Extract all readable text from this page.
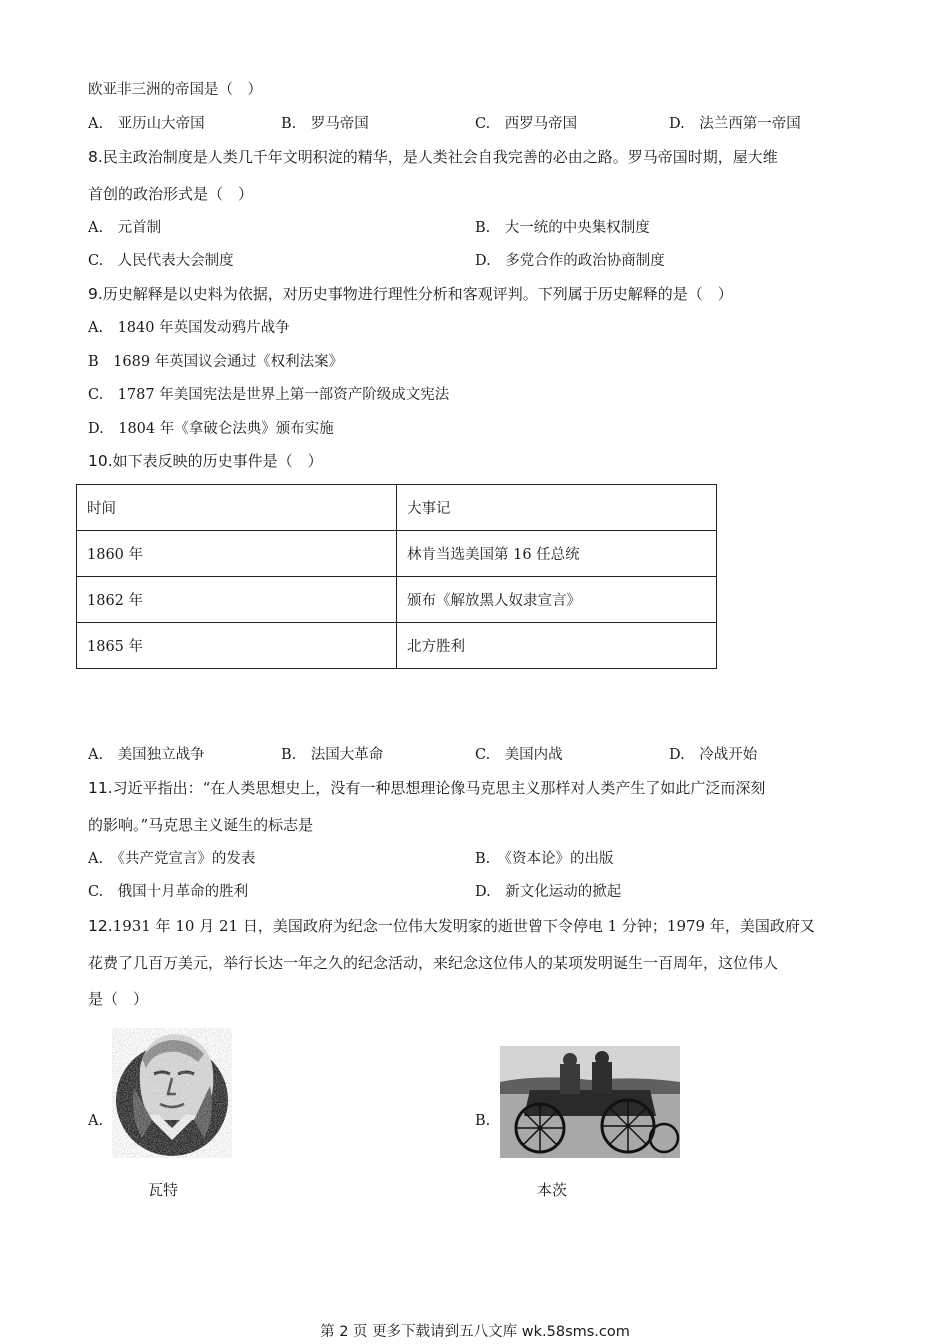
欧亚非三洲的帝国是（　）
A.　亚历山大帝国	B.　罗马帝国	C.　西罗马帝国	D.　法兰西第一帝国
8.民主政治制度是人类几千年文明积淀的精华，是人类社会自我完善的必由之路。罗马帝国时期，屋大维
首创的政治形式是（　）
A.　元首制	B.　大一统的中央集权制度
C.　人民代表大会制度	D.　多党合作的政治协商制度
9.历史解释是以史料为依据，对历史事物进行理性分析和客观评判。下列属于历史解释的是（　）
A.　1840 年英国发动鸦片战争
B　1689 年英国议会通过《权利法案》
C.　1787 年美国宪法是世界上第一部资产阶级成文宪法
D.　1804 年《拿破仑法典》颁布实施
10.如下表反映的历史事件是（　）
时间	大事记
1860 年	林肯当选美国第 16 任总统
1862 年	颁布《解放黑人奴隶宣言》
1865 年	北方胜利
A.　美国独立战争	B.　法国大革命	C.　美国内战	D.　冷战开始
11.习近平指出：“在人类思想史上，没有一种思想理论像马克思主义那样对人类产生了如此广泛而深刻
的影响。”马克思主义诞生的标志是
A.　《共产党宣言》的发表	B.　《资本论》的出版
C.　俄国十月革命的胜利	D.　新文化运动的掀起
12.1931 年 10 月 21 日，美国政府为纪念一位伟大发明家的逝世曾下令停电 1 分钟；1979 年，美国政府又
花费了几百万美元，举行长达一年之久的纪念活动，来纪念这位伟人的某项发明诞生一百周年，这位伟人
是（　）
A.
瓦特
B.
本茨
第 2 页 更多下载请到五八文库 wk.58sms.com
